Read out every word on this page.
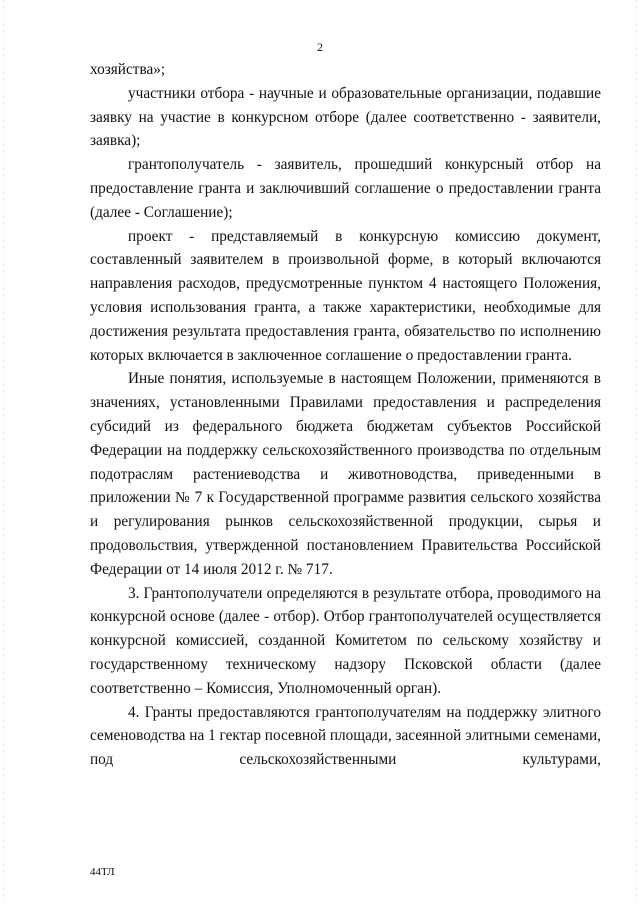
2

хозяйства»;

участники отбора - научные и образовательные организации, подавшие заявку на участие в конкурсном отборе (далее соответственно - заявители, заявка);

грантополучатель - заявитель, прошедший конкурсный отбор на предоставление гранта и заключивший соглашение о предоставлении гранта (далее - Соглашение);

проект - представляемый в конкурсную комиссию документ, составленный заявителем в произвольной форме, в который включаются направления расходов, предусмотренные пунктом 4 настоящего Положения, условия использования гранта, а также характеристики, необходимые для достижения результата предоставления гранта, обязательство по исполнению которых включается в заключенное соглашение о предоставлении гранта.

Иные понятия, используемые в настоящем Положении, применяются в значениях, установленными Правилами предоставления и распределения субсидий из федерального бюджета бюджетам субъектов Российской Федерации на поддержку сельскохозяйственного производства по отдельным подотраслям растениеводства и животноводства, приведенными в приложении № 7 к Государственной программе развития сельского хозяйства и регулирования рынков сельскохозяйственной продукции, сырья и продовольствия, утвержденной постановлением Правительства Российской Федерации от 14 июля 2012 г. № 717.

3. Грантополучатели определяются в результате отбора, проводимого на конкурсной основе (далее - отбор). Отбор грантополучателей осуществляется конкурсной комиссией, созданной Комитетом по сельскому хозяйству и государственному техническому надзору Псковской области (далее соответственно – Комиссия, Уполномоченный орган).

4. Гранты предоставляются грантополучателям на поддержку элитного семеноводства на 1 гектар посевной площади, засеянной элитными семенами, под сельскохозяйственными культурами,

44ТЛ
